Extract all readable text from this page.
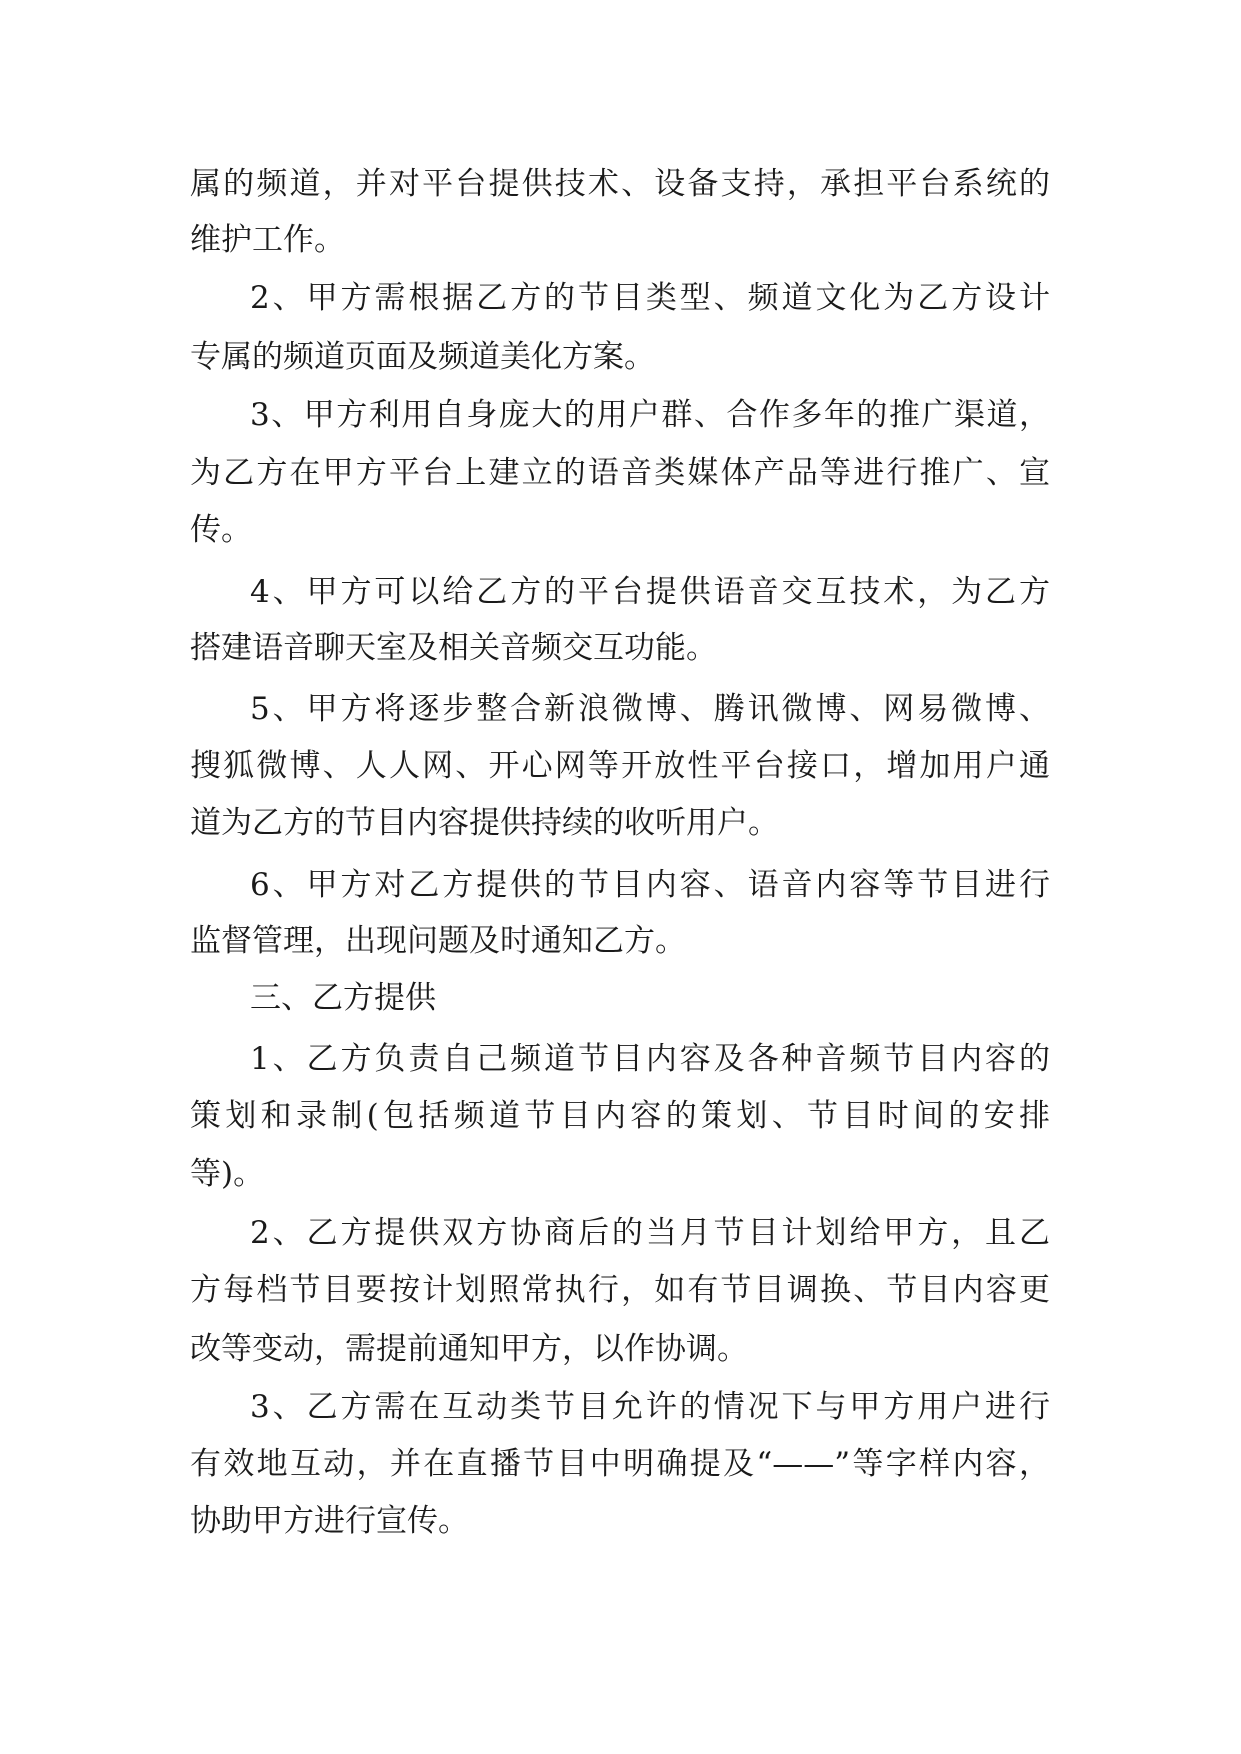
属的频道，并对平台提供技术、设备支持，承担平台系统的
维护工作。
2、甲方需根据乙方的节目类型、频道文化为乙方设计
专属的频道页面及频道美化方案。
3、甲方利用自身庞大的用户群、合作多年的推广渠道，
为乙方在甲方平台上建立的语音类媒体产品等进行推广、宣
传。
4、甲方可以给乙方的平台提供语音交互技术，为乙方
搭建语音聊天室及相关音频交互功能。
5、甲方将逐步整合新浪微博、腾讯微博、网易微博、
搜狐微博、人人网、开心网等开放性平台接口，增加用户通
道为乙方的节目内容提供持续的收听用户。
6、甲方对乙方提供的节目内容、语音内容等节目进行
监督管理，出现问题及时通知乙方。
三、乙方提供
1、乙方负责自己频道节目内容及各种音频节目内容的
策划和录制(包括频道节目内容的策划、节目时间的安排
等)。
2、乙方提供双方协商后的当月节目计划给甲方，且乙
方每档节目要按计划照常执行，如有节目调换、节目内容更
改等变动，需提前通知甲方，以作协调。
3、乙方需在互动类节目允许的情况下与甲方用户进行
有效地互动，并在直播节目中明确提及“——”等字样内容，
协助甲方进行宣传。
